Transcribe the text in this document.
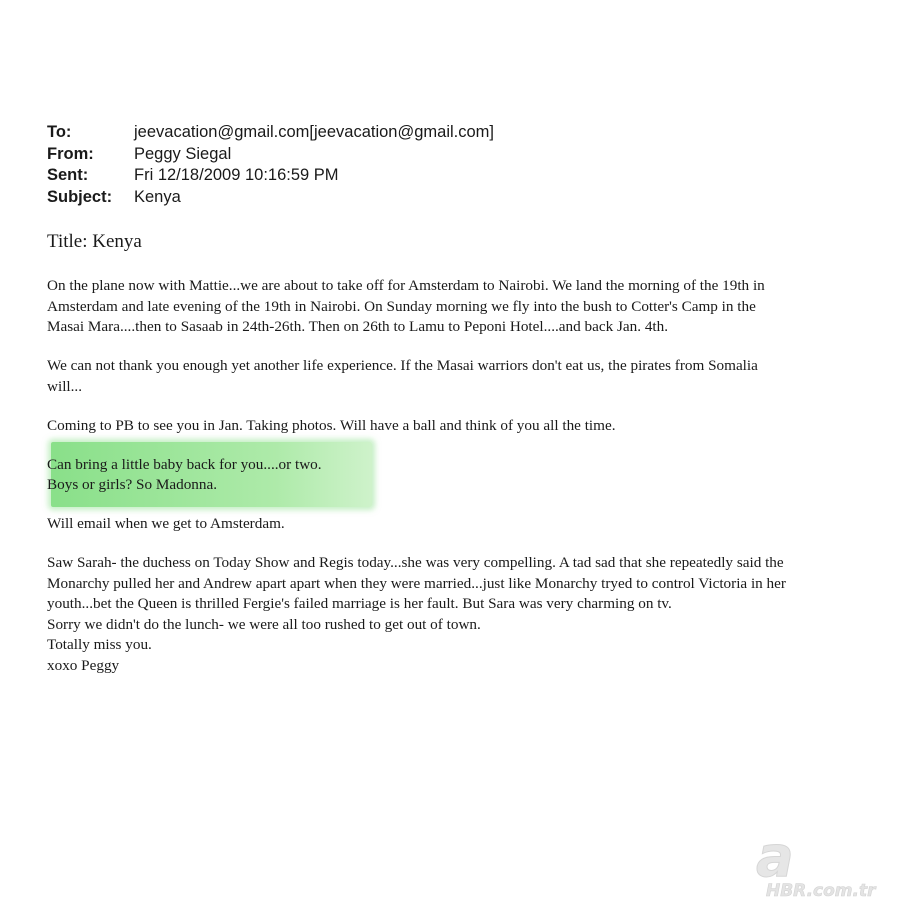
To:	jeevacation@gmail.com[jeevacation@gmail.com]
From:	Peggy Siegal
Sent:	Fri 12/18/2009 10:16:59 PM
Subject:	Kenya
Title: Kenya
On the plane now with Mattie...we are about to take off for Amsterdam to Nairobi. We land the morning of the 19th in
Amsterdam and late evening of the 19th in Nairobi. On Sunday morning we fly into the bush to Cotter's Camp in the
Masai Mara....then to Sasaab in 24th-26th. Then on 26th to Lamu to Peponi Hotel....and back Jan. 4th.
We can not thank you enough yet another life experience. If the Masai warriors don't eat us, the pirates from Somalia
will...
Coming to PB to see you in Jan. Taking photos. Will have a ball and think of you all the time.
Can bring a little baby back for you....or two.
Boys or girls? So Madonna.
Will email when we get to Amsterdam.
Saw Sarah- the duchess on Today Show and Regis today...she was very compelling. A tad sad that she repeatedly said the
Monarchy pulled her and Andrew apart apart when they were married...just like Monarchy tryed to control Victoria in her
youth...bet the Queen is thrilled Fergie's failed marriage is her fault. But Sara was very charming on tv.
Sorry we didn't do the lunch- we were all too rushed to get out of town.
Totally miss you.
xoxo Peggy
a
HBR.com.tr
